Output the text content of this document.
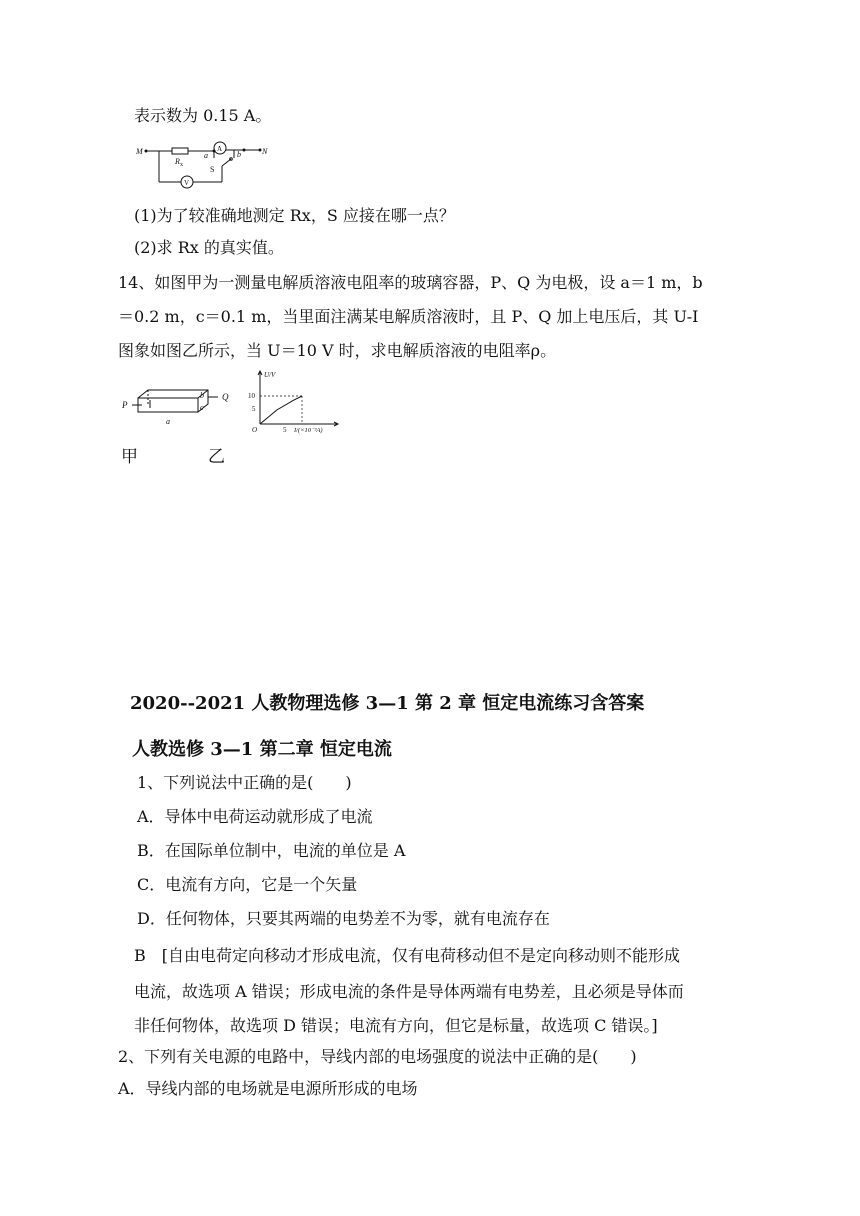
表示数为 0.15 A。
M	N
R x
A
V
a	b
S
(1)为了较准确地测定 Rx，S 应接在哪一点？
(2)求 Rx 的真实值。
14、如图甲为一测量电解质溶液电阻率的玻璃容器，P、Q 为电极，设 a＝1 m，b
＝0.2 m，c＝0.1 m，当里面注满某电解质溶液时，且 P、Q 加上电压后，其 U-I
图象如图乙所示，当 U＝10 V 时，求电解质溶液的电阻率ρ。
P
Q
a
b
c
U/V
I/(×10⁻³A)
O
10
5
5
甲	乙
2020--2021 人教物理选修 3—1 第 2 章 恒定电流练习含答案
人教选修 3—1 第二章 恒定电流
1、下列说法中正确的是(　　)
A．导体中电荷运动就形成了电流
B．在国际单位制中，电流的单位是 A
C．电流有方向，它是一个矢量
D．任何物体，只要其两端的电势差不为零，就有电流存在
B　[自由电荷定向移动才形成电流，仅有电荷移动但不是定向移动则不能形成
电流，故选项 A 错误；形成电流的条件是导体两端有电势差，且必须是导体而
非任何物体，故选项 D 错误；电流有方向，但它是标量，故选项 C 错误。]
2、下列有关电源的电路中，导线内部的电场强度的说法中正确的是(　　)
A．导线内部的电场就是电源所形成的电场
